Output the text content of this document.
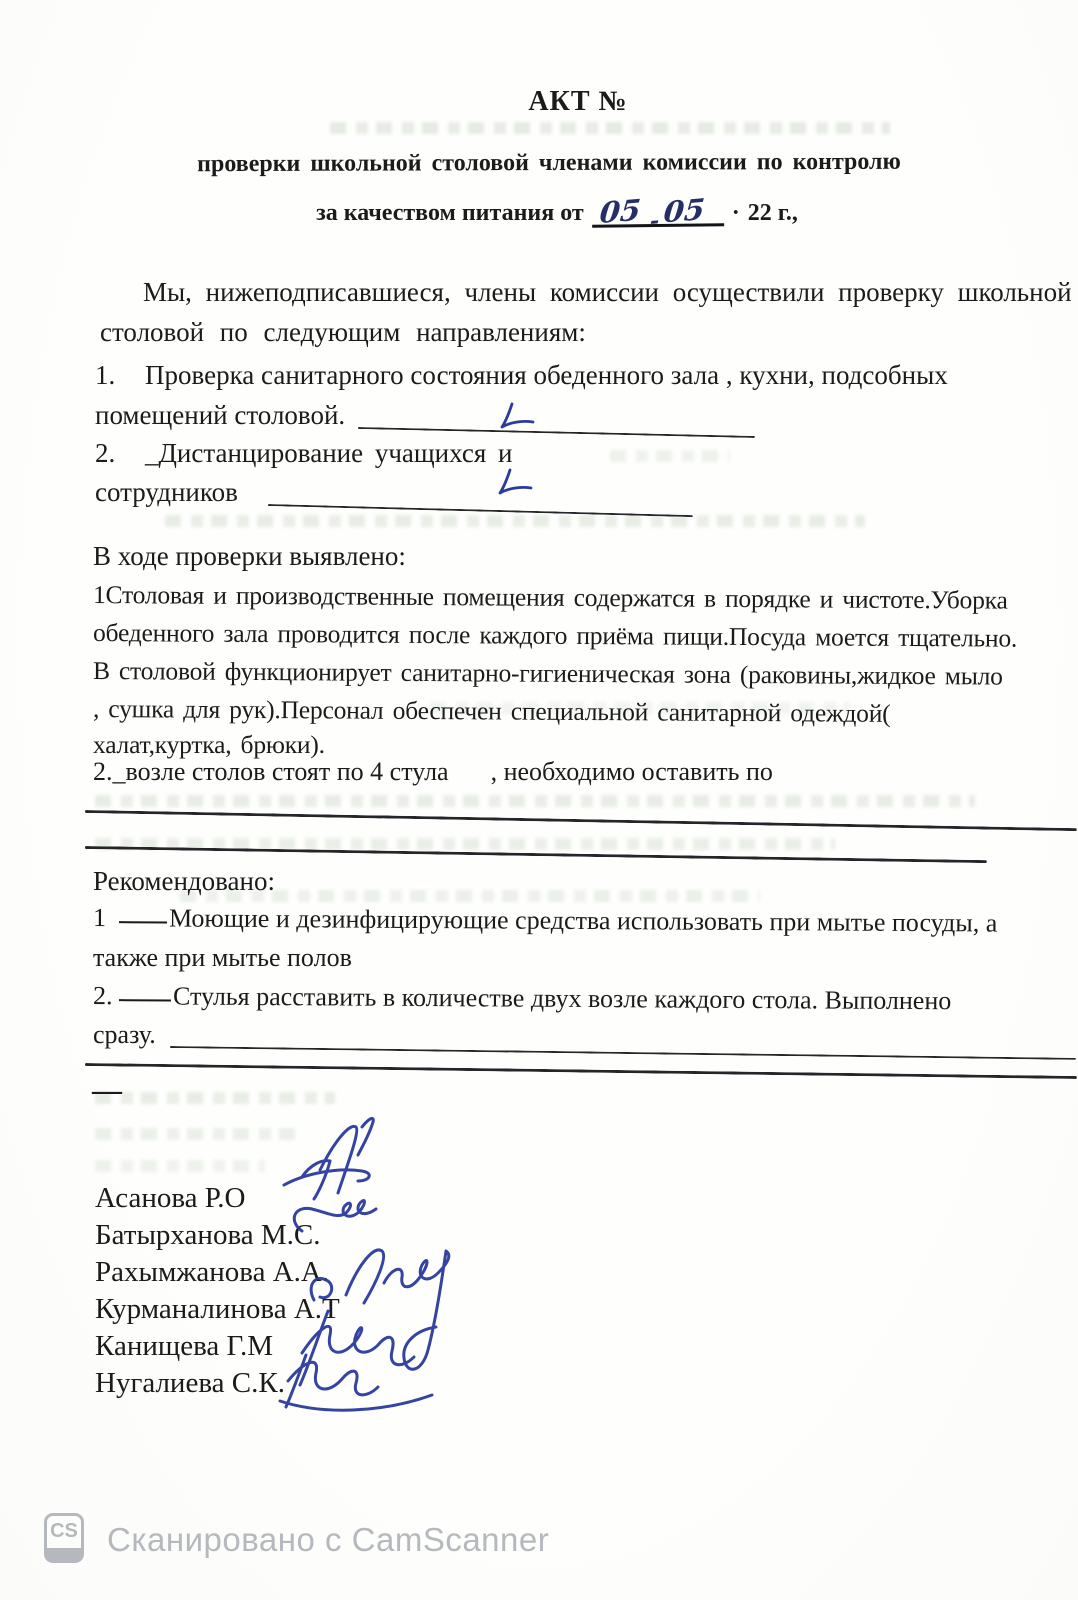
АКТ №
проверки школьной столовой членами комиссии по контролю
за качеством питания от 05 - 05 · 22 г.,
Мы, нижеподписавшиеся, члены комиссии осуществили проверку школьной
столовой по следующим направлениям:
1. Проверка санитарного состояния обеденного зала , кухни, подсобных
помещений столовой.
2. _Дистанцирование учащихся и
сотрудников
В ходе проверки выявлено:
1Столовая и производственные помещения содержатся в порядке и чистоте.Уборка
обеденного зала проводится после каждого приёма пищи.Посуда моется тщательно.
В столовой функционирует санитарно-гигиеническая зона (раковины,жидкое мыло
, сушка для рук).Персонал обеспечен специальной санитарной одеждой(
халат,куртка, брюки).
2._возле столов стоят по 4 стула , необходимо оставить по
Рекомендовано:
1 Моющие и дезинфицирующие средства использовать при мытье посуды, а
также при мытье полов
2. Стулья расставить в количестве двух возле каждого стола. Выполнено
сразу.
—
Асанова Р.О
Батырханова М.С.
Рахымжанова А.А.
Курманалинова А.Т
Канищева Г.М
Нугалиева С.К.
CS Сканировано с CamScanner
